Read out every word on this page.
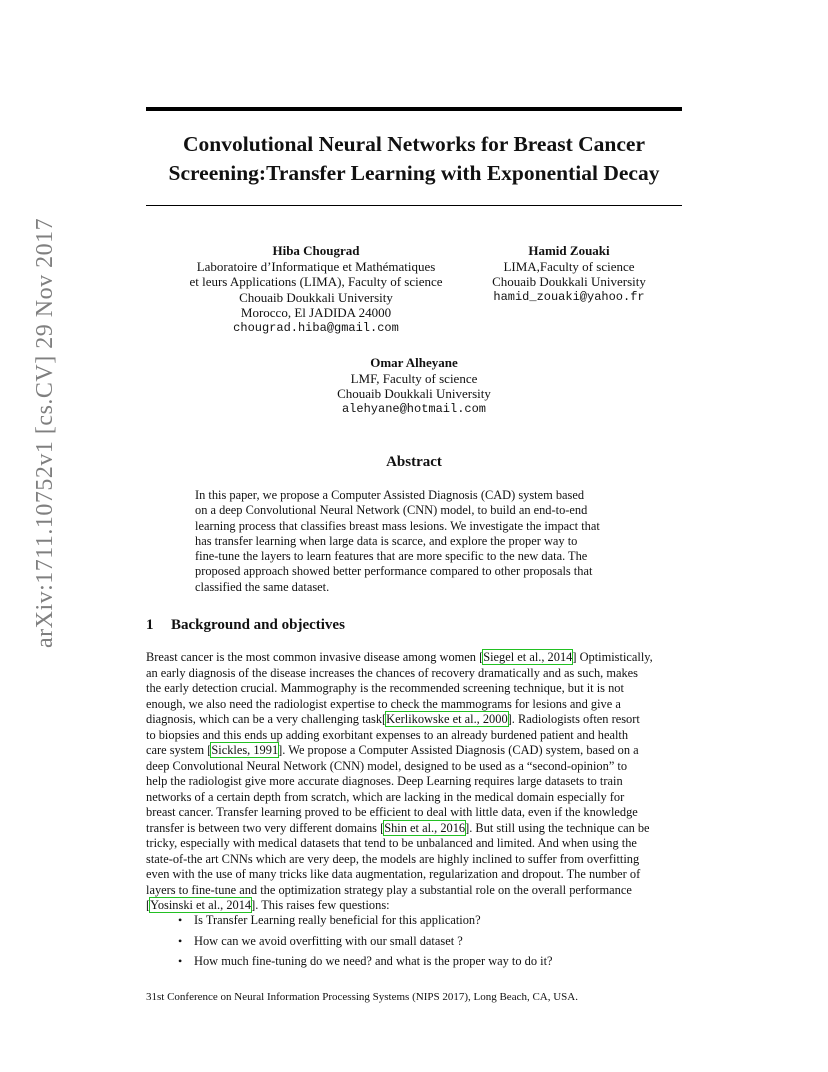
arXiv:1711.10752v1 [cs.CV] 29 Nov 2017
Convolutional Neural Networks for Breast Cancer
Screening:Transfer Learning with Exponential Decay
Hiba Chougrad
Laboratoire d’Informatique et Mathématiques
et leurs Applications (LIMA), Faculty of science
Chouaib Doukkali University
Morocco, El JADIDA 24000
chougrad.hiba@gmail.com
Hamid Zouaki
LIMA,Faculty of science
Chouaib Doukkali University
hamid_zouaki@yahoo.fr
Omar Alheyane
LMF, Faculty of science
Chouaib Doukkali University
alehyane@hotmail.com
Abstract
In this paper, we propose a Computer Assisted Diagnosis (CAD) system based
on a deep Convolutional Neural Network (CNN) model, to build an end-to-end
learning process that classifies breast mass lesions. We investigate the impact that
has transfer learning when large data is scarce, and explore the proper way to
fine-tune the layers to learn features that are more specific to the new data. The
proposed approach showed better performance compared to other proposals that
classified the same dataset.
1 Background and objectives
Breast cancer is the most common invasive disease among women [Siegel et al., 2014] Optimistically,
an early diagnosis of the disease increases the chances of recovery dramatically and as such, makes
the early detection crucial. Mammography is the recommended screening technique, but it is not
enough, we also need the radiologist expertise to check the mammograms for lesions and give a
diagnosis, which can be a very challenging task[Kerlikowske et al., 2000]. Radiologists often resort
to biopsies and this ends up adding exorbitant expenses to an already burdened patient and health
care system [Sickles, 1991]. We propose a Computer Assisted Diagnosis (CAD) system, based on a
deep Convolutional Neural Network (CNN) model, designed to be used as a “second-opinion” to
help the radiologist give more accurate diagnoses. Deep Learning requires large datasets to train
networks of a certain depth from scratch, which are lacking in the medical domain especially for
breast cancer. Transfer learning proved to be efficient to deal with little data, even if the knowledge
transfer is between two very different domains [Shin et al., 2016]. But still using the technique can be
tricky, especially with medical datasets that tend to be unbalanced and limited. And when using the
state-of-the art CNNs which are very deep, the models are highly inclined to suffer from overfitting
even with the use of many tricks like data augmentation, regularization and dropout. The number of
layers to fine-tune and the optimization strategy play a substantial role on the overall performance
[Yosinski et al., 2014]. This raises few questions:
• Is Transfer Learning really beneficial for this application?
• How can we avoid overfitting with our small dataset ?
• How much fine-tuning do we need? and what is the proper way to do it?
31st Conference on Neural Information Processing Systems (NIPS 2017), Long Beach, CA, USA.
